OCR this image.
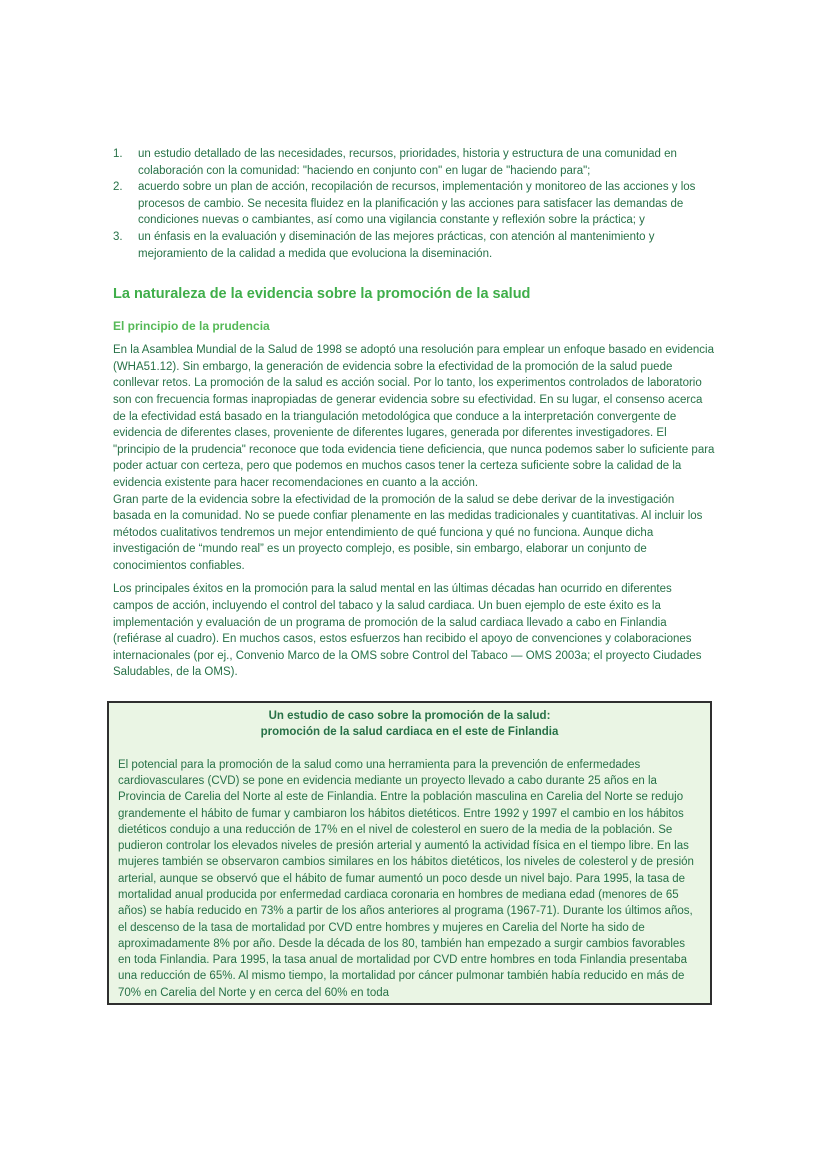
1.	un estudio detallado de las necesidades, recursos, prioridades, historia y estructura de una comunidad en colaboración con la comunidad: "haciendo en conjunto con" en lugar de "haciendo para";
2.	acuerdo sobre un plan de acción, recopilación de recursos, implementación y monitoreo de las acciones y los procesos de cambio. Se necesita fluidez en la planificación y las acciones para satisfacer las demandas de condiciones nuevas o cambiantes, así como una vigilancia constante y reflexión sobre la práctica; y
3.	un énfasis en la evaluación y diseminación de las mejores prácticas, con atención al mantenimiento y mejoramiento de la calidad a medida que evoluciona la diseminación.
La naturaleza de la evidencia sobre la promoción de la salud
El principio de la prudencia

En la Asamblea Mundial de la Salud de 1998 se adoptó una resolución para emplear un enfoque basado en evidencia (WHA51.12). Sin embargo, la generación de evidencia sobre la efectividad de la promoción de la salud puede conllevar retos. La promoción de la salud es acción social. Por lo tanto, los experimentos controlados de laboratorio son con frecuencia formas inapropiadas de generar evidencia sobre su efectividad. En su lugar, el consenso acerca de la efectividad está basado en la triangulación metodológica que conduce a la interpretación convergente de evidencia de diferentes clases, proveniente de diferentes lugares, generada por diferentes investigadores. El "principio de la prudencia" reconoce que toda evidencia tiene deficiencia, que nunca podemos saber lo suficiente para poder actuar con certeza, pero que podemos en muchos casos tener la certeza suficiente sobre la calidad de la evidencia existente para hacer recomendaciones en cuanto a la acción.

Gran parte de la evidencia sobre la efectividad de la promoción de la salud se debe derivar de la investigación basada en la comunidad. No se puede confiar plenamente en las medidas tradicionales y cuantitativas. Al incluir los métodos cualitativos tendremos un mejor entendimiento de qué funciona y qué no funciona. Aunque dicha investigación de “mundo real” es un proyecto complejo, es posible, sin embargo, elaborar un conjunto de conocimientos confiables.

Los principales éxitos en la promoción para la salud mental en las últimas décadas han ocurrido en diferentes campos de acción, incluyendo el control del tabaco y la salud cardiaca. Un buen ejemplo de este éxito es la implementación y evaluación de un programa de promoción de la salud cardiaca llevado a cabo en Finlandia (refiérase al cuadro). En muchos casos, estos esfuerzos han recibido el apoyo de convenciones y colaboraciones internacionales (por ej., Convenio Marco de la OMS sobre Control del Tabaco — OMS 2003a; el proyecto Ciudades Saludables, de la OMS).

Un estudio de caso sobre la promoción de la salud:
promoción de la salud cardiaca en el este de Finlandia

El potencial para la promoción de la salud como una herramienta para la prevención de enfermedades cardiovasculares (CVD) se pone en evidencia mediante un proyecto llevado a cabo durante 25 años en la Provincia de Carelia del Norte al este de Finlandia. Entre la población masculina en Carelia del Norte se redujo grandemente el hábito de fumar y cambiaron los hábitos dietéticos. Entre 1992 y 1997 el cambio en los hábitos dietéticos condujo a una reducción de 17% en el nivel de colesterol en suero de la media de la población. Se pudieron controlar los elevados niveles de presión arterial y aumentó la actividad física en el tiempo libre. En las mujeres también se observaron cambios similares en los hábitos dietéticos, los niveles de colesterol y de presión arterial, aunque se observó que el hábito de fumar aumentó un poco desde un nivel bajo. Para 1995, la tasa de mortalidad anual producida por enfermedad cardiaca coronaria en hombres de mediana edad (menores de 65 años) se había reducido en 73% a partir de los años anteriores al programa (1967-71). Durante los últimos años, el descenso de la tasa de mortalidad por CVD entre hombres y mujeres en Carelia del Norte ha sido de aproximadamente 8% por año. Desde la década de los 80, también han empezado a surgir cambios favorables en toda Finlandia. Para 1995, la tasa anual de mortalidad por CVD entre hombres en toda Finlandia presentaba una reducción de 65%. Al mismo tiempo, la mortalidad por cáncer pulmonar también había reducido en más de 70% en Carelia del Norte y en cerca del 60% en toda
